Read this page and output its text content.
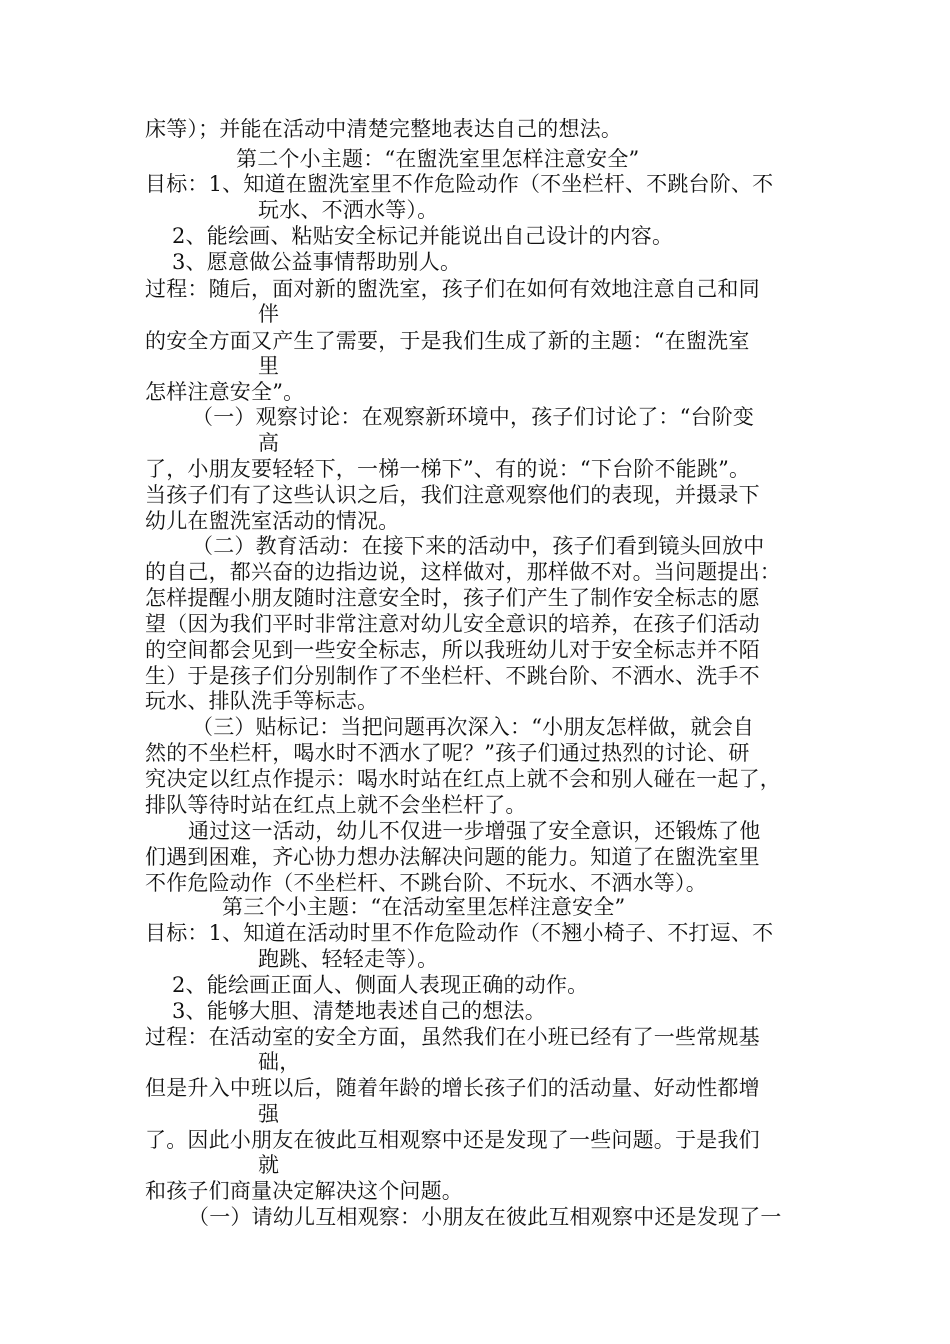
床等）；并能在活动中清楚完整地表达自己的想法。
第二个小主题：“在盥洗室里怎样注意安全”
目标：1、知道在盥洗室里不作危险动作（不坐栏杆、不跳台阶、不
玩水、不洒水等）。
2、能绘画、粘贴安全标记并能说出自己设计的内容。
3、愿意做公益事情帮助别人。
过程：随后，面对新的盥洗室，孩子们在如何有效地注意自己和同
伴
的安全方面又产生了需要，于是我们生成了新的主题：“在盥洗室
里
怎样注意安全”。
（一）观察讨论：在观察新环境中，孩子们讨论了：“台阶变
高
了，小朋友要轻轻下，一梯一梯下”、有的说：“下台阶不能跳”。
当孩子们有了这些认识之后，我们注意观察他们的表现，并摄录下
幼儿在盥洗室活动的情况。
（二）教育活动：在接下来的活动中，孩子们看到镜头回放中
的自己，都兴奋的边指边说，这样做对，那样做不对。当问题提出：
怎样提醒小朋友随时注意安全时，孩子们产生了制作安全标志的愿
望（因为我们平时非常注意对幼儿安全意识的培养，在孩子们活动
的空间都会见到一些安全标志，所以我班幼儿对于安全标志并不陌
生）于是孩子们分别制作了不坐栏杆、不跳台阶、不洒水、洗手不
玩水、排队洗手等标志。
（三）贴标记：当把问题再次深入：“小朋友怎样做，就会自
然的不坐栏杆，喝水时不洒水了呢？”孩子们通过热烈的讨论、研
究决定以红点作提示：喝水时站在红点上就不会和别人碰在一起了，
排队等待时站在红点上就不会坐栏杆了。
通过这一活动，幼儿不仅进一步增强了安全意识，还锻炼了他
们遇到困难，齐心协力想办法解决问题的能力。知道了在盥洗室里
不作危险动作（不坐栏杆、不跳台阶、不玩水、不洒水等）。
第三个小主题：“在活动室里怎样注意安全”
目标：1、知道在活动时里不作危险动作（不翘小椅子、不打逗、不
跑跳、轻轻走等）。
2、能绘画正面人、侧面人表现正确的动作。
3、能够大胆、清楚地表述自己的想法。
过程：在活动室的安全方面，虽然我们在小班已经有了一些常规基
础，
但是升入中班以后，随着年龄的增长孩子们的活动量、好动性都增
强
了。因此小朋友在彼此互相观察中还是发现了一些问题。于是我们
就
和孩子们商量决定解决这个问题。
（一）请幼儿互相观察：小朋友在彼此互相观察中还是发现了一
